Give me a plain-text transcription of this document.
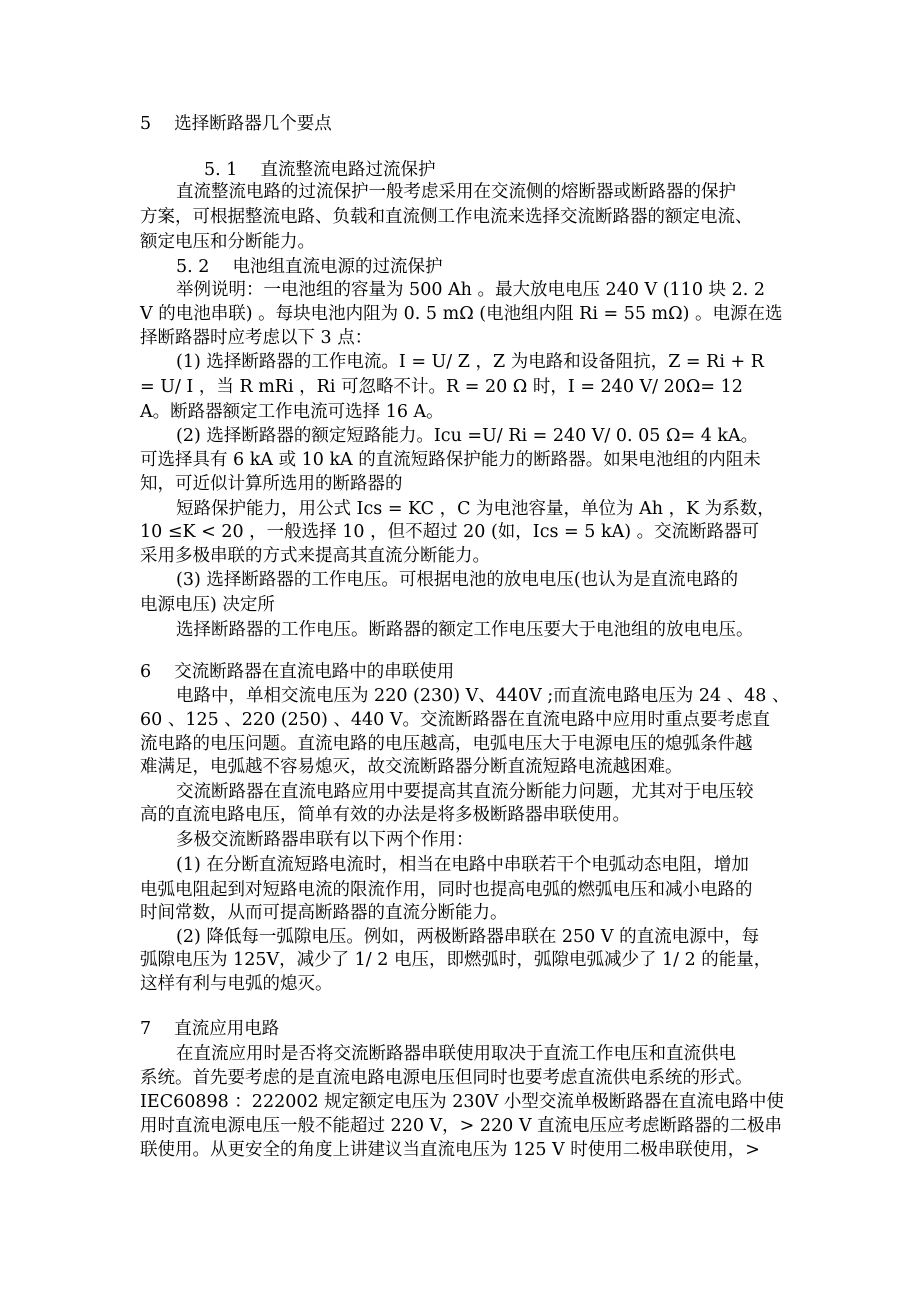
5　 选择断路器几个要点
5. 1　 直流整流电路过流保护
直流整流电路的过流保护一般考虑采用在交流侧的熔断器或断路器的保护
方案，可根据整流电路、负载和直流侧工作电流来选择交流断路器的额定电流、
额定电压和分断能力。
5. 2　 电池组直流电源的过流保护
举例说明：一电池组的容量为 500 Ah 。最大放电电压 240 V (110 块 2. 2
V 的电池串联) 。每块电池内阻为 0. 5 mΩ (电池组内阻 Ri = 55 mΩ) 。电源在选
择断路器时应考虑以下 3 点：
(1) 选择断路器的工作电流。I = U/ Z ，Z 为电路和设备阻抗，Z = Ri + R
= U/ I ，当 R mRi ，Ri 可忽略不计。R = 20 Ω 时，I = 240 V/ 20Ω= 12
A。断路器额定工作电流可选择 16 A。
(2) 选择断路器的额定短路能力。Icu =U/ Ri = 240 V/ 0. 05 Ω= 4 kA。
可选择具有 6 kA 或 10 kA 的直流短路保护能力的断路器。如果电池组的内阻未
知，可近似计算所选用的断路器的
短路保护能力，用公式 Ics = KC ，C 为电池容量，单位为 Ah ，K 为系数，
10 ≤K < 20 ，一般选择 10 ，但不超过 20 (如，Ics = 5 kA) 。交流断路器可
采用多极串联的方式来提高其直流分断能力。
(3) 选择断路器的工作电压。可根据电池的放电电压(也认为是直流电路的
电源电压) 决定所
选择断路器的工作电压。断路器的额定工作电压要大于电池组的放电电压。
6　 交流断路器在直流电路中的串联使用
电路中，单相交流电压为 220 (230) V、440V ;而直流电路电压为 24 、48 、
60 、125 、220 (250) 、440 V。交流断路器在直流电路中应用时重点要考虑直
流电路的电压问题。直流电路的电压越高，电弧电压大于电源电压的熄弧条件越
难满足，电弧越不容易熄灭，故交流断路器分断直流短路电流越困难。
交流断路器在直流电路应用中要提高其直流分断能力问题，尤其对于电压较
高的直流电路电压，简单有效的办法是将多极断路器串联使用。
多极交流断路器串联有以下两个作用：
(1) 在分断直流短路电流时，相当在电路中串联若干个电弧动态电阻，增加
电弧电阻起到对短路电流的限流作用，同时也提高电弧的燃弧电压和减小电路的
时间常数，从而可提高断路器的直流分断能力。
(2) 降低每一弧隙电压。例如，两极断路器串联在 250 V 的直流电源中，每
弧隙电压为 125V，减少了 1/ 2 电压，即燃弧时，弧隙电弧减少了 1/ 2 的能量，
这样有利与电弧的熄灭。
7　 直流应用电路
在直流应用时是否将交流断路器串联使用取决于直流工作电压和直流供电
系统。首先要考虑的是直流电路电源电压但同时也要考虑直流供电系统的形式。
IEC60898 ：222002 规定额定电压为 230V 小型交流单极断路器在直流电路中使
用时直流电源电压一般不能超过 220 V，> 220 V 直流电压应考虑断路器的二极串
联使用。从更安全的角度上讲建议当直流电压为 125 V 时使用二极串联使用，>
